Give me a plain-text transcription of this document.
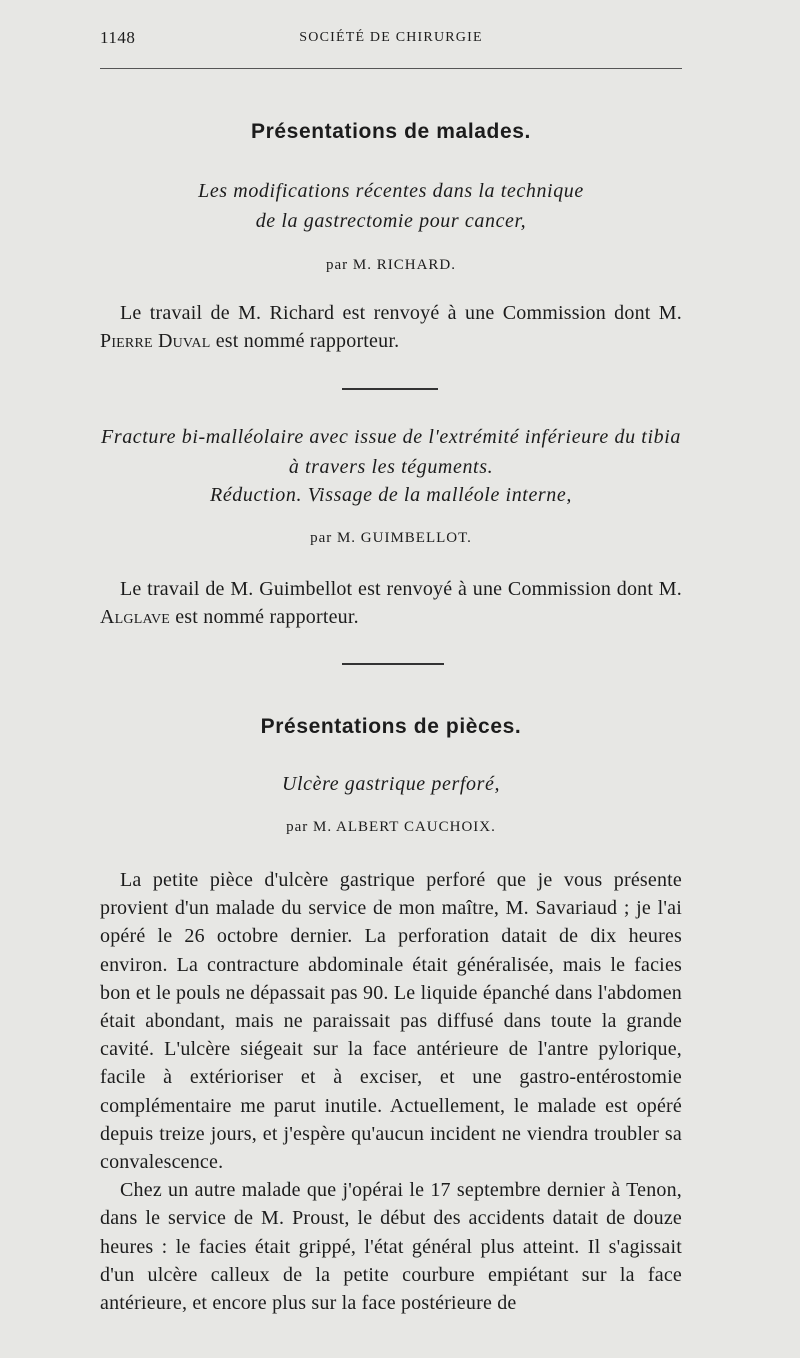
1148	SOCIÉTÉ DE CHIRURGIE
Présentations de malades.
Les modifications récentes dans la technique
de la gastrectomie pour cancer,
par M. RICHARD.

Le travail de M. Richard est renvoyé à une Commission dont M. Pierre Duval est nommé rapporteur.

Fracture bi-malléolaire avec issue de l'extrémité inférieure du tibia
à travers les téguments.
Réduction. Vissage de la malléole interne,
par M. GUIMBELLOT.

Le travail de M. Guimbellot est renvoyé à une Commission dont M. Alglave est nommé rapporteur.

Présentations de pièces.
Ulcère gastrique perforé,
par M. ALBERT CAUCHOIX.

La petite pièce d'ulcère gastrique perforé que je vous présente provient d'un malade du service de mon maître, M. Savariaud ; je l'ai opéré le 26 octobre dernier. La perforation datait de dix heures environ. La contracture abdominale était généralisée, mais le facies bon et le pouls ne dépassait pas 90. Le liquide épanché dans l'abdomen était abondant, mais ne paraissait pas diffusé dans toute la grande cavité. L'ulcère siégeait sur la face antérieure de l'antre pylorique, facile à extérioriser et à exciser, et une gastro-entérostomie complémentaire me parut inutile. Actuellement, le malade est opéré depuis treize jours, et j'espère qu'aucun incident ne viendra troubler sa convalescence.

Chez un autre malade que j'opérai le 17 septembre dernier à Tenon, dans le service de M. Proust, le début des accidents datait de douze heures : le facies était grippé, l'état général plus atteint. Il s'agissait d'un ulcère calleux de la petite courbure empiétant sur la face antérieure, et encore plus sur la face postérieure de
